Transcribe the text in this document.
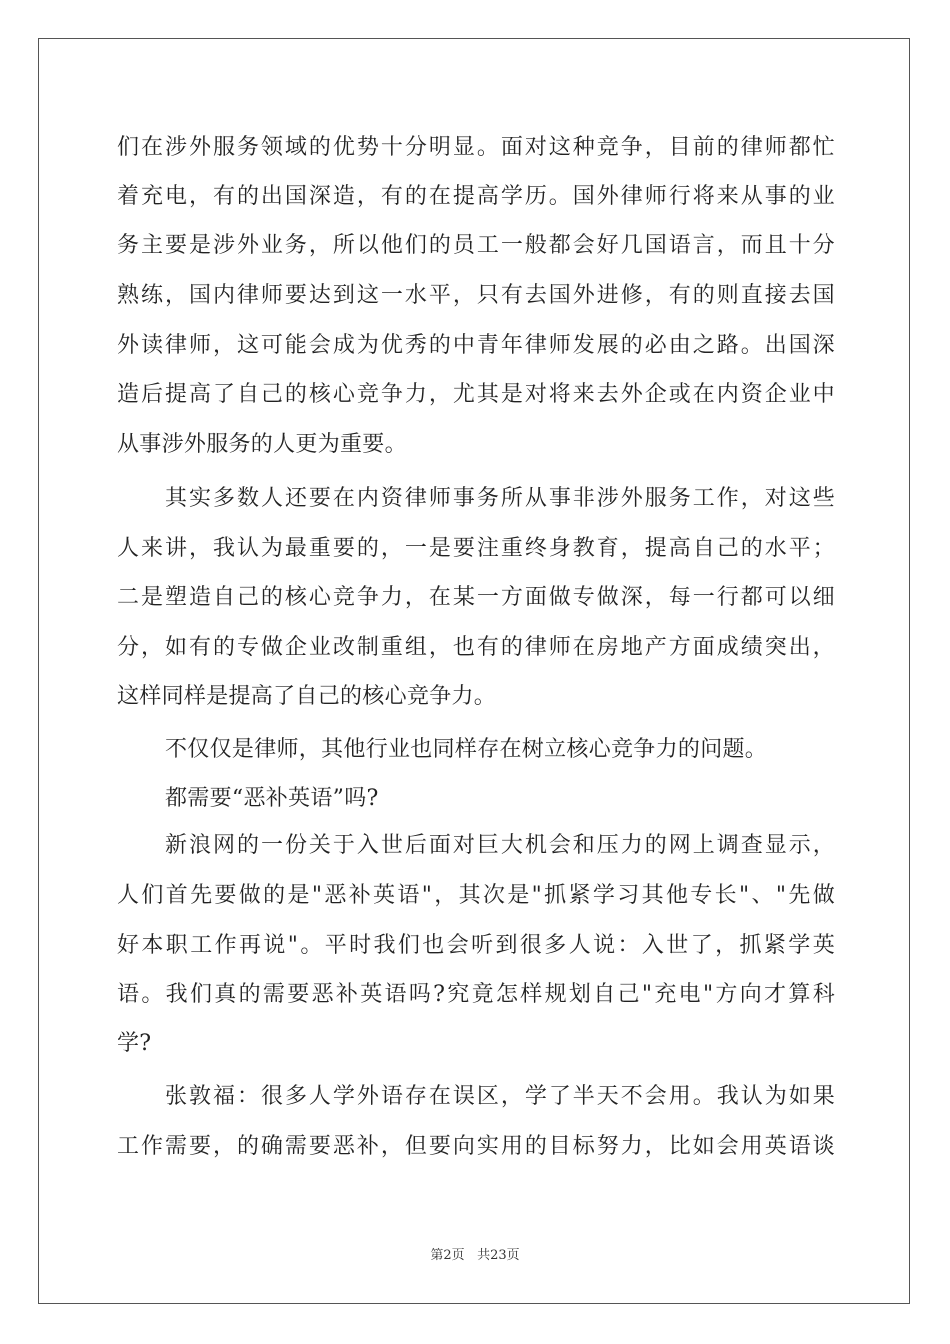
们在涉外服务领域的优势十分明显。面对这种竞争，目前的律师都忙
着充电，有的出国深造，有的在提高学历。国外律师行将来从事的业
务主要是涉外业务，所以他们的员工一般都会好几国语言，而且十分
熟练，国内律师要达到这一水平，只有去国外进修，有的则直接去国
外读律师，这可能会成为优秀的中青年律师发展的必由之路。出国深
造后提高了自己的核心竞争力，尤其是对将来去外企或在内资企业中
从事涉外服务的人更为重要。
其实多数人还要在内资律师事务所从事非涉外服务工作，对这些
人来讲，我认为最重要的，一是要注重终身教育，提高自己的水平；
二是塑造自己的核心竞争力，在某一方面做专做深，每一行都可以细
分，如有的专做企业改制重组，也有的律师在房地产方面成绩突出，
这样同样是提高了自己的核心竞争力。
不仅仅是律师，其他行业也同样存在树立核心竞争力的问题。
都需要“恶补英语”吗?
新浪网的一份关于入世后面对巨大机会和压力的网上调查显示，
人们首先要做的是"恶补英语"，其次是"抓紧学习其他专长"、"先做
好本职工作再说"。平时我们也会听到很多人说：入世了，抓紧学英
语。我们真的需要恶补英语吗?究竟怎样规划自己"充电"方向才算科
学?
张敦福：很多人学外语存在误区，学了半天不会用。我认为如果
工作需要，的确需要恶补，但要向实用的目标努力，比如会用英语谈
第2页 共23页
